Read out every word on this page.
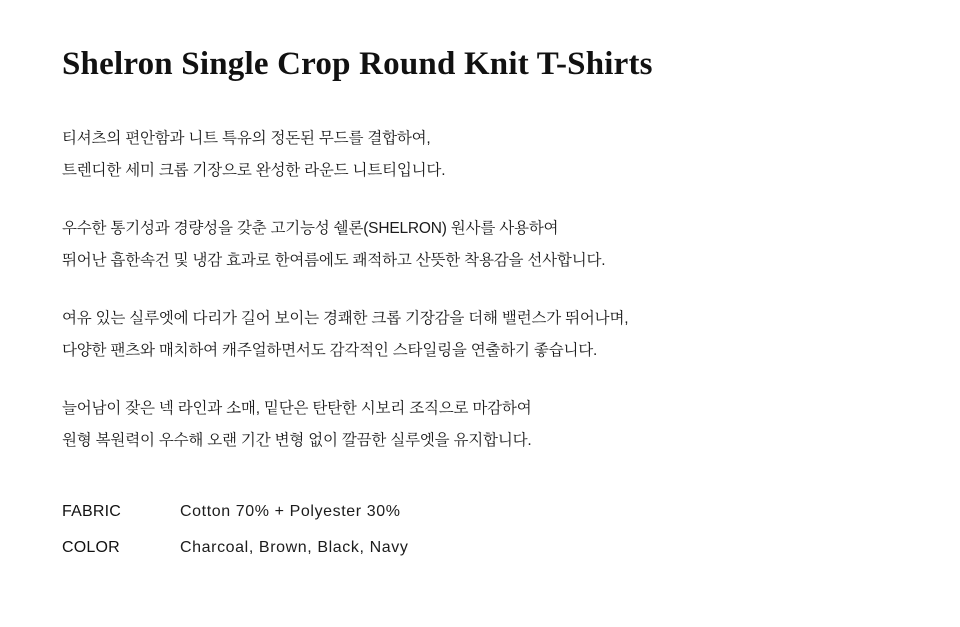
Shelron Single Crop Round Knit T-Shirts
티셔츠의 편안함과 니트 특유의 정돈된 무드를 결합하여,
트렌디한 세미 크롭 기장으로 완성한 라운드 니트티입니다.
우수한 통기성과 경량성을 갖춘 고기능성 쉘론(SHELRON) 원사를 사용하여
뛰어난 흡한속건 및 냉감 효과로 한여름에도 쾌적하고 산뜻한 착용감을 선사합니다.
여유 있는 실루엣에 다리가 길어 보이는 경쾌한 크롭 기장감을 더해 밸런스가 뛰어나며,
다양한 팬츠와 매치하여 캐주얼하면서도 감각적인 스타일링을 연출하기 좋습니다.
늘어남이 잦은 넥 라인과 소매, 밑단은 탄탄한 시보리 조직으로 마감하여
원형 복원력이 우수해 오랜 기간 변형 없이 깔끔한 실루엣을 유지합니다.
FABRIC	Cotton 70% + Polyester 30%
COLOR	Charcoal, Brown, Black, Navy
